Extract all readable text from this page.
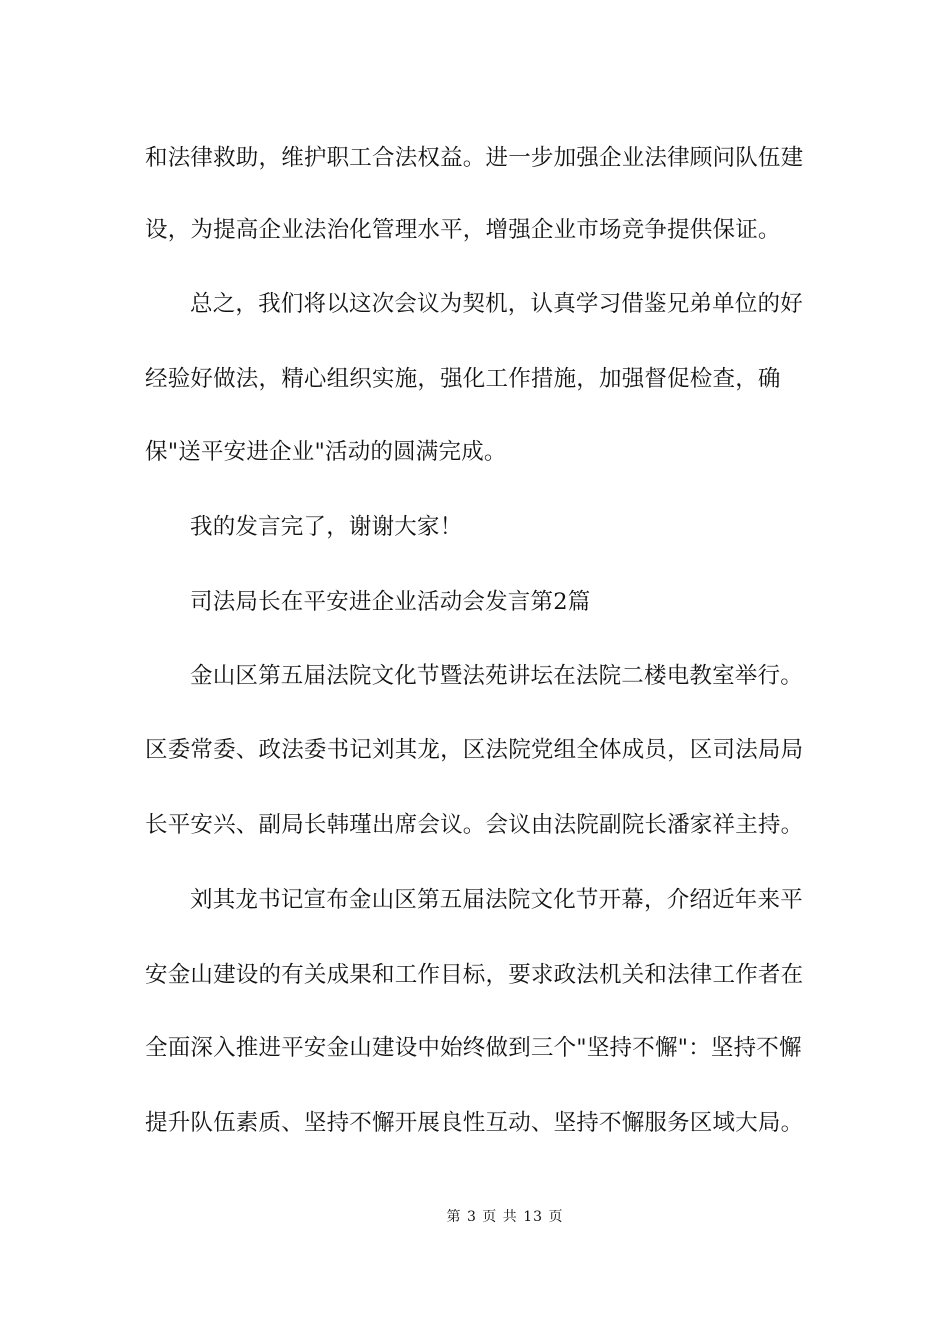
和法律救助，维护职工合法权益。进一步加强企业法律顾问队伍建
设，为提高企业法治化管理水平，增强企业市场竞争提供保证。
总之，我们将以这次会议为契机，认真学习借鉴兄弟单位的好
经验好做法，精心组织实施，强化工作措施，加强督促检查，确
保"送平安进企业"活动的圆满完成。
我的发言完了，谢谢大家！
司法局长在平安进企业活动会发言第2篇
金山区第五届法院文化节暨法苑讲坛在法院二楼电教室举行。
区委常委、政法委书记刘其龙，区法院党组全体成员，区司法局局
长平安兴、副局长韩瑾出席会议。会议由法院副院长潘家祥主持。
刘其龙书记宣布金山区第五届法院文化节开幕，介绍近年来平
安金山建设的有关成果和工作目标，要求政法机关和法律工作者在
全面深入推进平安金山建设中始终做到三个"坚持不懈"：坚持不懈
提升队伍素质、坚持不懈开展良性互动、坚持不懈服务区域大局。
第 3 页 共 13 页
